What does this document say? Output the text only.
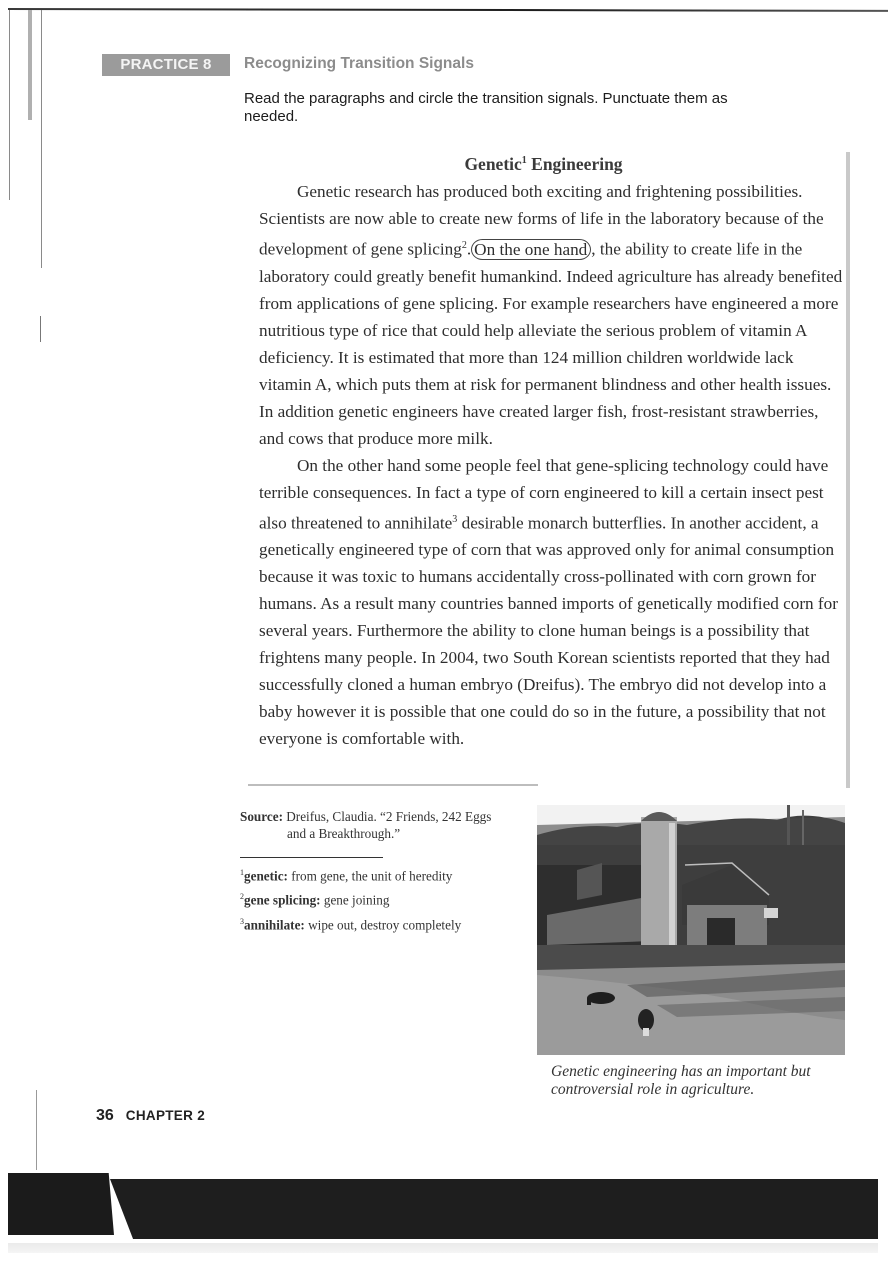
PRACTICE 8	Recognizing Transition Signals
Read the paragraphs and circle the transition signals. Punctuate them as needed.
Genetic$^1$ Engineering

Genetic research has produced both exciting and frightening possibilities. Scientists are now able to create new forms of life in the laboratory because of the development of gene splicing$^2$. On the one hand , the ability to create life in the laboratory could greatly benefit humankind. Indeed agriculture has already benefited from applications of gene splicing. For example researchers have engineered a more nutritious type of rice that could help alleviate the serious problem of vitamin A deficiency. It is estimated that more than 124 million children worldwide lack vitamin A, which puts them at risk for permanent blindness and other health issues. In addition genetic engineers have created larger fish, frost-resistant strawberries, and cows that produce more milk.

On the other hand some people feel that gene-splicing technology could have terrible consequences. In fact a type of corn engineered to kill a certain insect pest also threatened to annihilate$^3$ desirable monarch butterflies. In another accident, a genetically engineered type of corn that was approved only for animal consumption because it was toxic to humans accidentally cross-pollinated with corn grown for humans. As a result many countries banned imports of genetically modified corn for several years. Furthermore the ability to clone human beings is a possibility that frightens many people. In 2004, two South Korean scientists reported that they had successfully cloned a human embryo (Dreifus). The embryo did not develop into a baby however it is possible that one could do so in the future, a possibility that not everyone is comfortable with.

Source: Dreifus, Claudia. “2 Friends, 242 Eggs
and a Breakthrough.”
$^1$genetic: from gene, the unit of heredity
$^2$gene splicing: gene joining
$^3$annihilate: wipe out, destroy completely
Genetic engineering has an important but controversial role in agriculture.
36 CHAPTER 2
